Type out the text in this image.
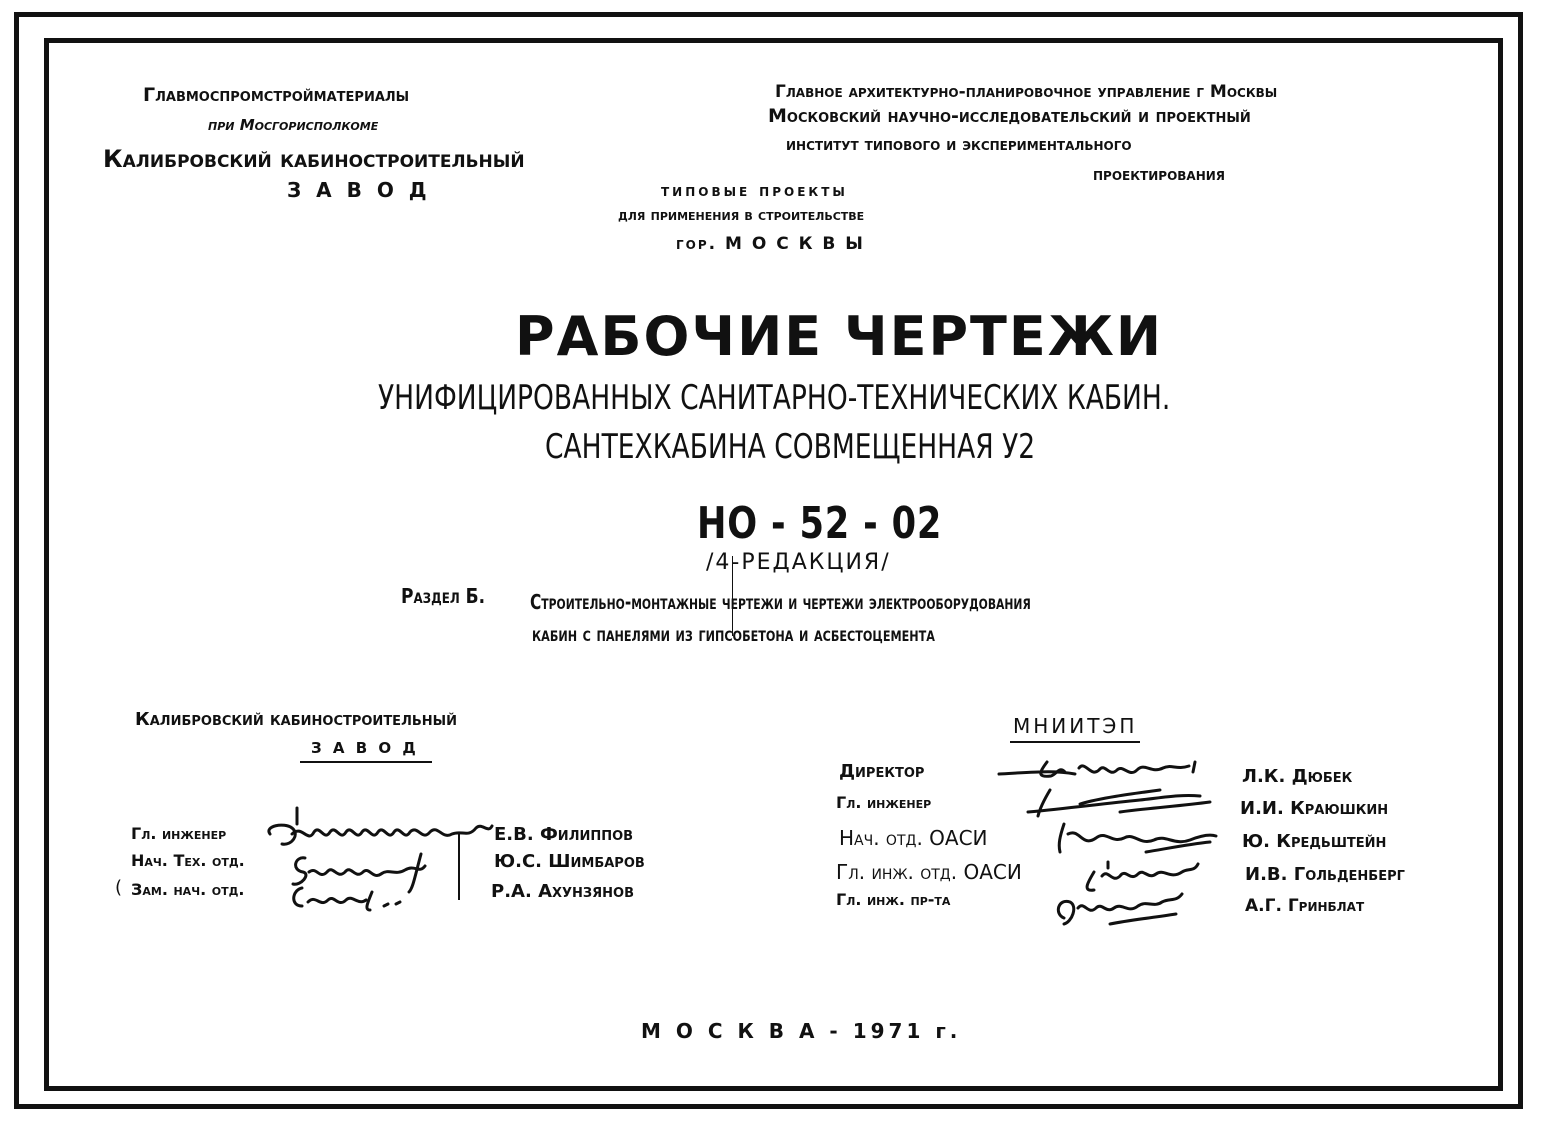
Главмоспромстройматериалы
при Мосгорисполкоме
Калибровский кабиностроительный
З А В О Д
Главное архитектурно-планировочное управление г Москвы
Московский научно-исследовательский и проектный
институт типового и экспериментального
проектирования
типовые проекты
для применения в строительстве
гор. М О С К В Ы
РАБОЧИЕ ЧЕРТЕЖИ
УНИФИЦИРОВАННЫХ САНИТАРНО-ТЕХНИЧЕСКИХ КАБИН.
САНТЕХКАБИНА СОВМЕЩЕННАЯ У2
НО - 52 - 02
/4-РЕДАКЦИЯ/
Раздел Б. Строительно-монтажные чертежи и чертежи электрооборудования
кабин с панелями из гипсобетона и асбестоцемента
Калибровский кабиностроительный
З А В О Д
Гл. инженер
Нач. Тех. отд.
( Зам. нач. отд.
Е.В. Филиппов
Ю.С. Шимбаров
Р.А. Ахунзянов
МНИИТЭП
Директор
Гл. инженер
Нач. отд. ОАСИ
Гл. инж. отд. ОАСИ
Гл. инж. пр-та
Л.К. Дюбек
И.И. Краюшкин
Ю. Кредьштейн
И.В. Гольденберг
А.Г. Гринблат
М О С К В А - 1971 г.
